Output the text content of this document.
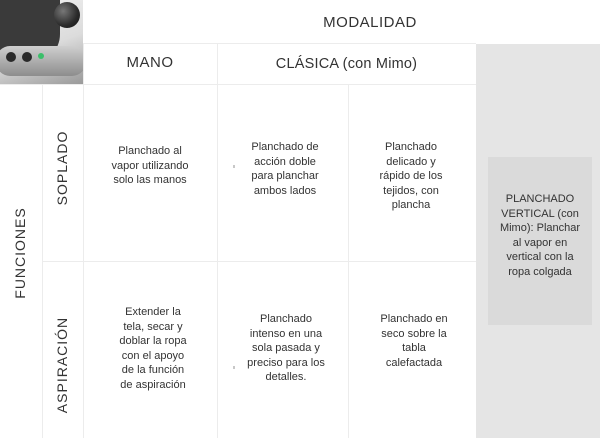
MODALIDAD
MANO	CLÁSICA (con Mimo)
FUNCIONES
SOPLADO
ASPIRACIÓN
Planchado al vapor utilizando solo las manos
Planchado de acción doble para planchar ambos lados
Planchado delicado y rápido de los tejidos, con plancha
Extender la tela, secar y doblar la ropa con el apoyo de la función de aspiración
Planchado intenso en una sola pasada y preciso para los detalles.
Planchado en seco sobre la tabla calefactada
PLANCHADO VERTICAL (con Mimo): Planchar al vapor en vertical con la ropa colgada
